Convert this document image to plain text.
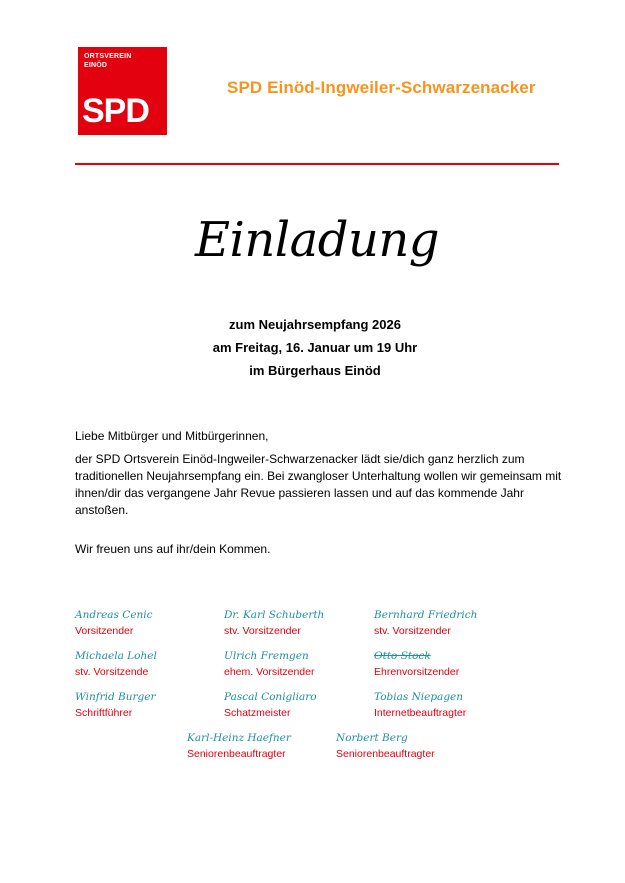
ORTSVEREIN
EINÖD
SPD
SPD Einöd-Ingweiler-Schwarzenacker
Einladung
zum Neujahrsempfang 2026
am Freitag, 16. Januar um 19 Uhr
im Bürgerhaus Einöd
Liebe Mitbürger und Mitbürgerinnen,
der SPD Ortsverein Einöd-Ingweiler-Schwarzenacker lädt sie/dich ganz herzlich zum traditionellen Neujahrsempfang ein. Bei zwangloser Unterhaltung wollen wir gemeinsam mit ihnen/dir das vergangene Jahr Revue passieren lassen und auf das kommende Jahr anstoßen.
Wir freuen uns auf ihr/dein Kommen.
Andreas Cenic
Vorsitzender
Dr. Karl Schuberth
stv. Vorsitzender
Bernhard Friedrich
stv. Vorsitzender
Michaela Lohel
stv. Vorsitzende
Ulrich Fremgen
ehem. Vorsitzender
Otto Stock
Ehrenvorsitzender
Winfrid Burger
Schriftführer
Pascal Conigliaro
Schatzmeister
Tobias Niepagen
Internetbeauftragter
Karl-Heinz Haefner
Seniorenbeauftragter
Norbert Berg
Seniorenbeauftragter
